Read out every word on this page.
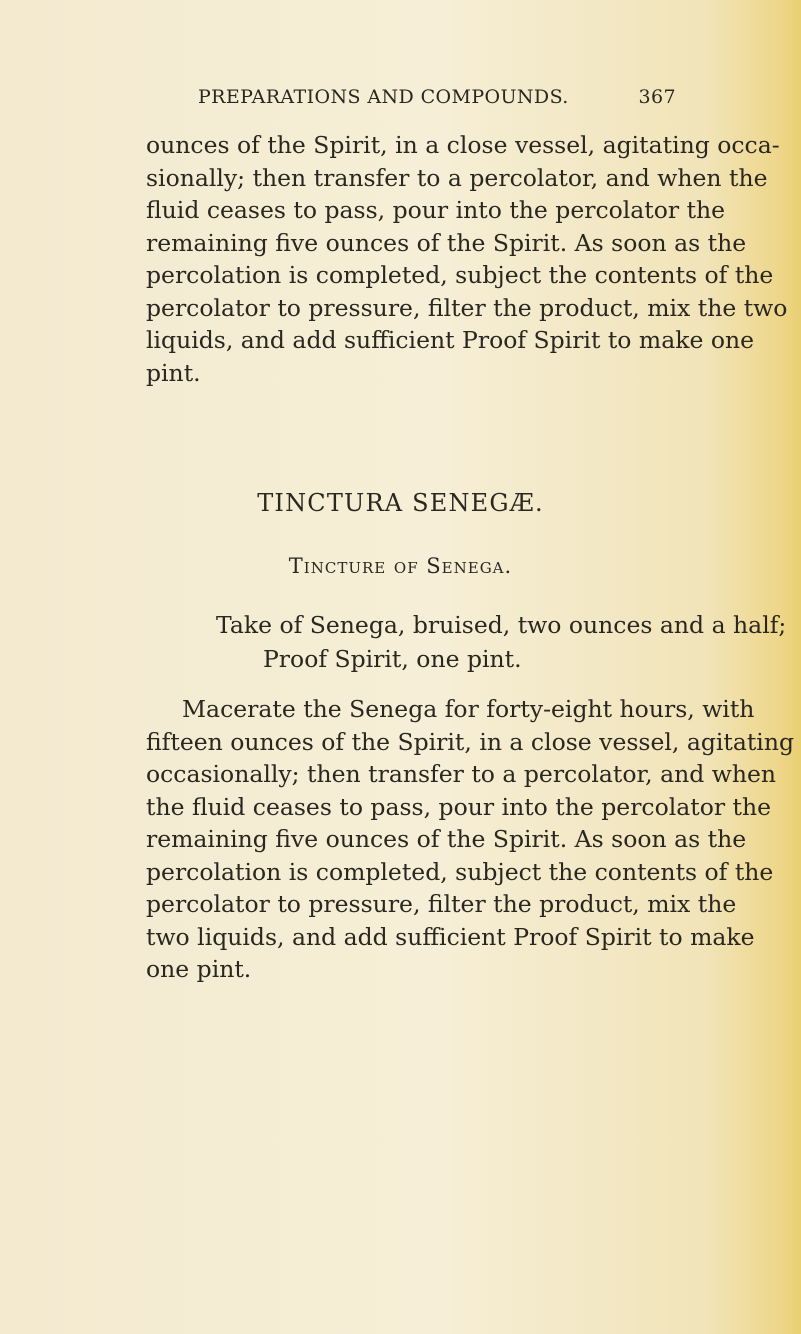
PREPARATIONS AND COMPOUNDS.	367

ounces of the Spirit, in a close vessel, agitating occa-
sionally; then transfer to a percolator, and when the
fluid ceases to pass, pour into the percolator the
remaining five ounces of the Spirit. As soon as the
percolation is completed, subject the contents of the
percolator to pressure, filter the product, mix the two
liquids, and add sufficient Proof Spirit to make one
pint.

TINCTURA SENEGÆ.
Tincture of Senega.
Take of Senega, bruised, two ounces and a half;
Proof Spirit, one pint.

Macerate the Senega for forty-eight hours, with
fifteen ounces of the Spirit, in a close vessel, agitating
occasionally; then transfer to a percolator, and when
the fluid ceases to pass, pour into the percolator the
remaining five ounces of the Spirit. As soon as the
percolation is completed, subject the contents of the
percolator to pressure, filter the product, mix the
two liquids, and add sufficient Proof Spirit to make
one pint.
